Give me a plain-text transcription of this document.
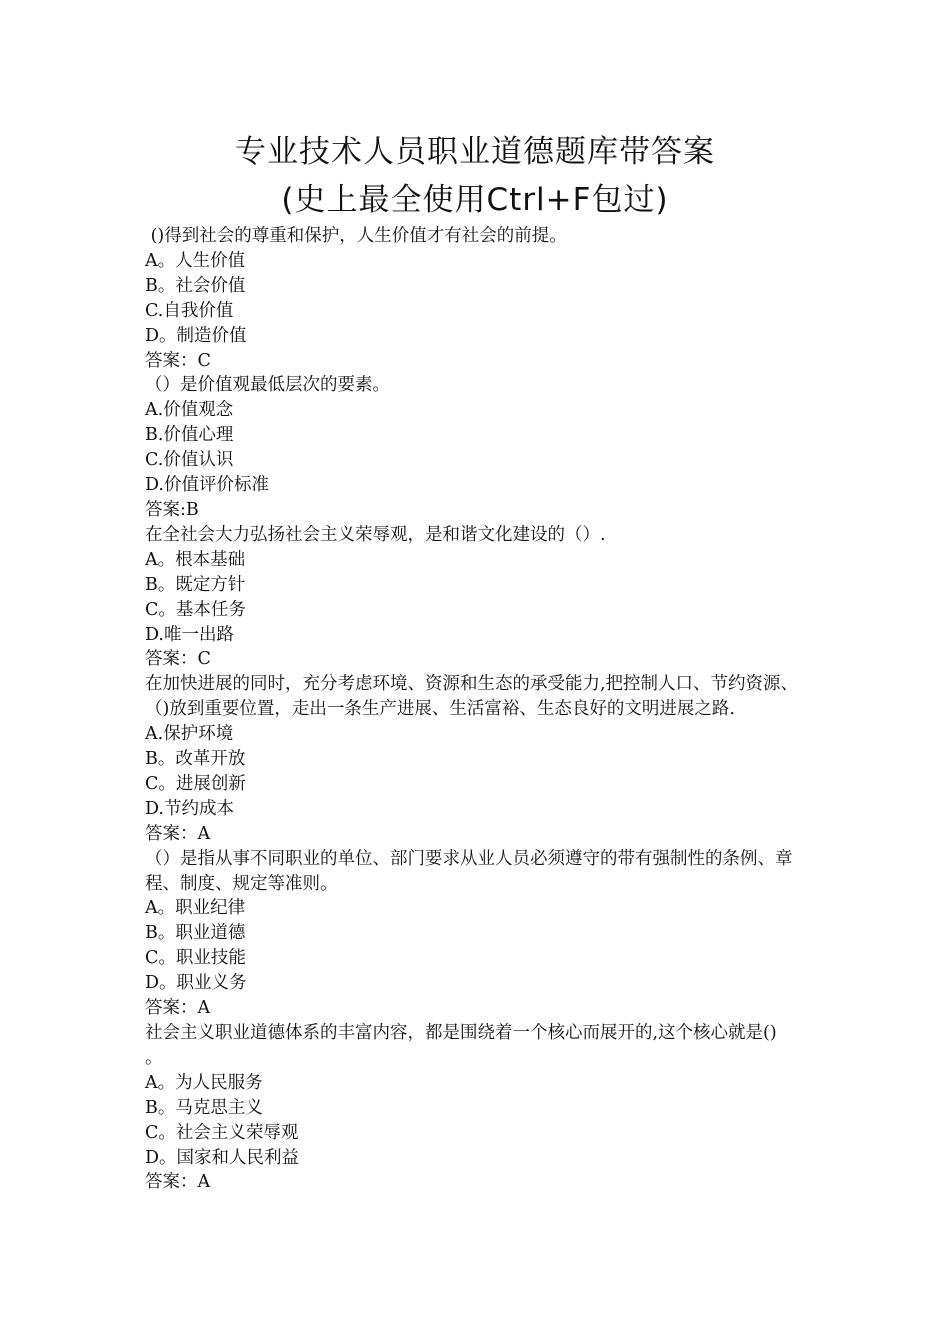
专业技术人员职业道德题库带答案
(史上最全使用Ctrl+F包过)
()得到社会的尊重和保护，人生价值才有社会的前提。
A。人生价值
B。社会价值
C.自我价值
D。制造价值
答案：C
（）是价值观最低层次的要素。
A.价值观念
B.价值心理
C.价值认识
D.价值评价标准
答案:B
在全社会大力弘扬社会主义荣辱观，是和谐文化建设的（）.
A。根本基础
B。既定方针
C。基本任务
D.唯一出路
答案：C
在加快进展的同时，充分考虑环境、资源和生态的承受能力,把控制人口、节约资源、（)放到重要位置，走出一条生产进展、生活富裕、生态良好的文明进展之路.
A.保护环境
B。改革开放
C。进展创新
D.节约成本
答案：A
（）是指从事不同职业的单位、部门要求从业人员必须遵守的带有强制性的条例、章程、制度、规定等准则。
A。职业纪律
B。职业道德
C。职业技能
D。职业义务
答案：A
社会主义职业道德体系的丰富内容，都是围绕着一个核心而展开的,这个核心就是()　。
A。为人民服务
B。马克思主义
C。社会主义荣辱观
D。国家和人民利益
答案：A
